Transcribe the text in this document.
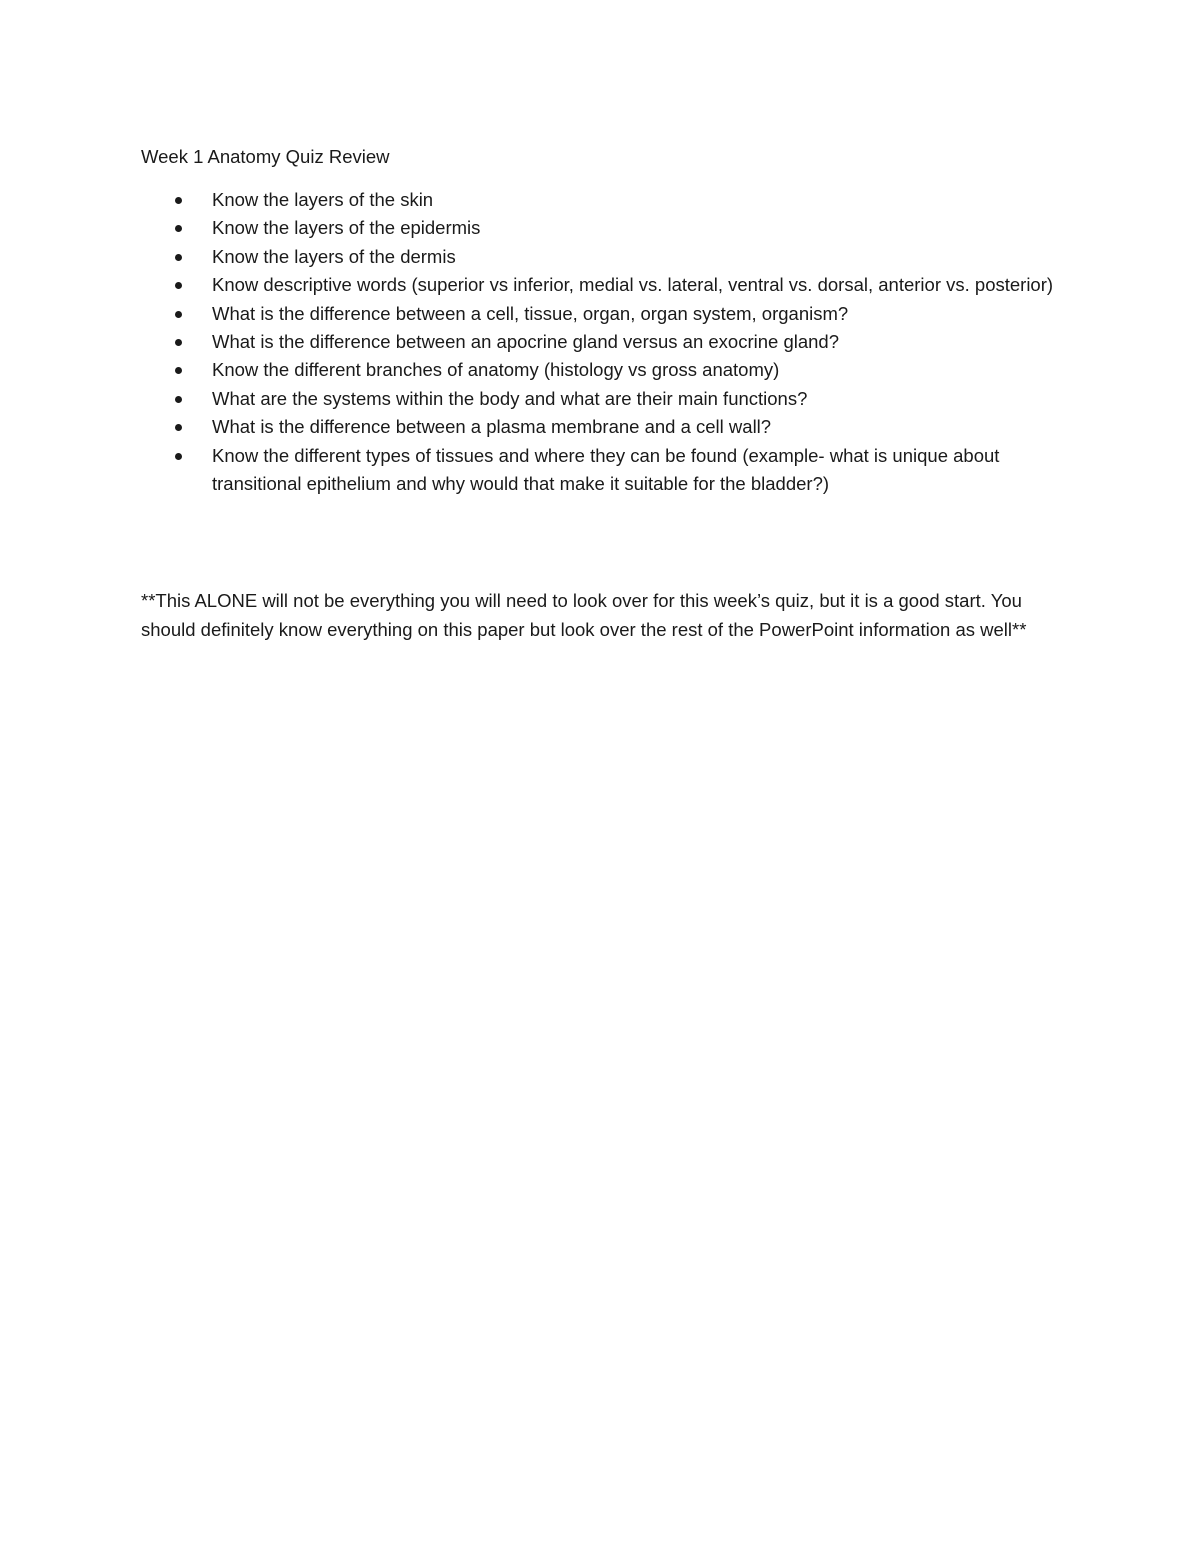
Week 1 Anatomy Quiz Review
Know the layers of the skin
Know the layers of the epidermis
Know the layers of the dermis
Know descriptive words (superior vs inferior, medial vs. lateral, ventral vs. dorsal, anterior vs. posterior)
What is the difference between a cell, tissue, organ, organ system, organism?
What is the difference between an apocrine gland versus an exocrine gland?
Know the different branches of anatomy (histology vs gross anatomy)
What are the systems within the body and what are their main functions?
What is the difference between a plasma membrane and a cell wall?
Know the different types of tissues and where they can be found (example- what is unique about transitional epithelium and why would that make it suitable for the bladder?)

**This ALONE will not be everything you will need to look over for this week’s quiz, but it is a good start. You should definitely know everything on this paper but look over the rest of the PowerPoint information as well**
